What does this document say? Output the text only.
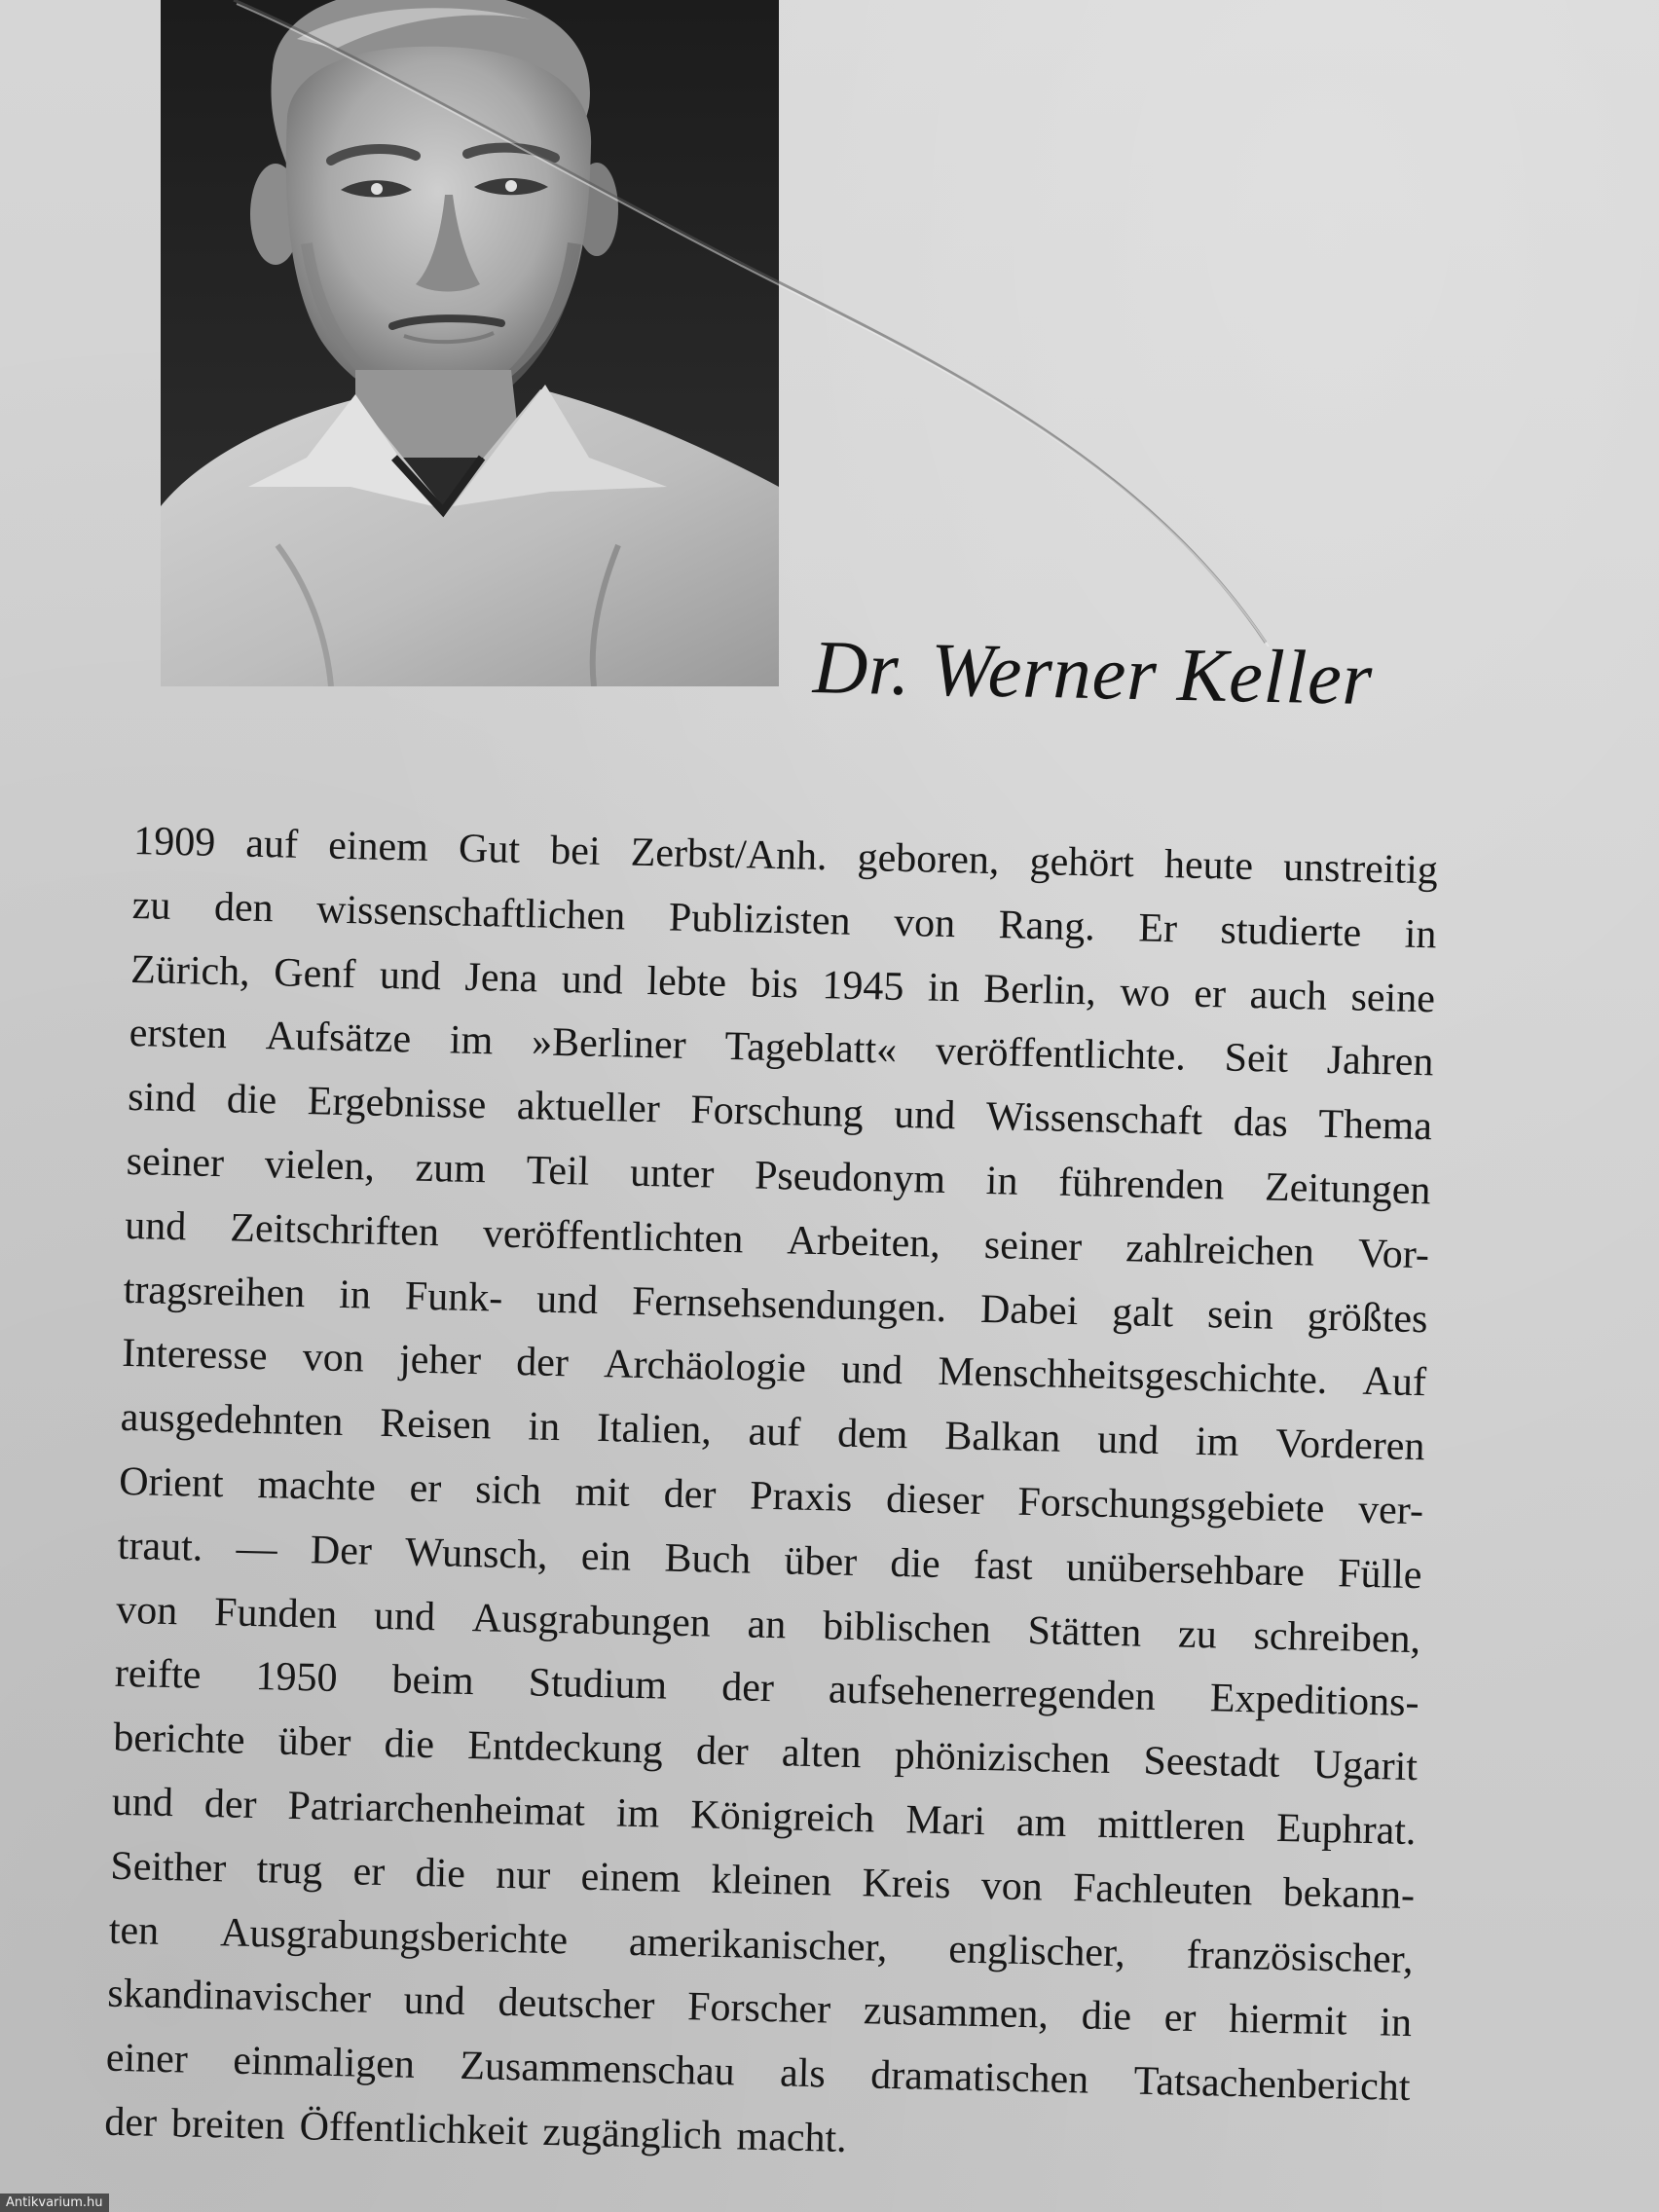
Dr. Werner Keller
1909 auf einem Gut bei Zerbst/Anh. geboren, gehört heute unstreitig
zu den wissenschaftlichen Publizisten von Rang. Er studierte in
Zürich, Genf und Jena und lebte bis 1945 in Berlin, wo er auch seine
ersten Aufsätze im »Berliner Tageblatt« veröffentlichte. Seit Jahren
sind die Ergebnisse aktueller Forschung und Wissenschaft das Thema
seiner vielen, zum Teil unter Pseudonym in führenden Zeitungen
und Zeitschriften veröffentlichten Arbeiten, seiner zahlreichen Vor-
tragsreihen in Funk- und Fernsehsendungen. Dabei galt sein größtes
Interesse von jeher der Archäologie und Menschheitsgeschichte. Auf
ausgedehnten Reisen in Italien, auf dem Balkan und im Vorderen
Orient machte er sich mit der Praxis dieser Forschungsgebiete ver-
traut. — Der Wunsch, ein Buch über die fast unübersehbare Fülle
von Funden und Ausgrabungen an biblischen Stätten zu schreiben,
reifte 1950 beim Studium der aufsehenerregenden Expeditions-
berichte über die Entdeckung der alten phönizischen Seestadt Ugarit
und der Patriarchenheimat im Königreich Mari am mittleren Euphrat.
Seither trug er die nur einem kleinen Kreis von Fachleuten bekann-
ten Ausgrabungsberichte amerikanischer, englischer, französischer,
skandinavischer und deutscher Forscher zusammen, die er hiermit in
einer einmaligen Zusammenschau als dramatischen Tatsachenbericht
der breiten Öffentlichkeit zugänglich macht.
Antikvarium.hu
